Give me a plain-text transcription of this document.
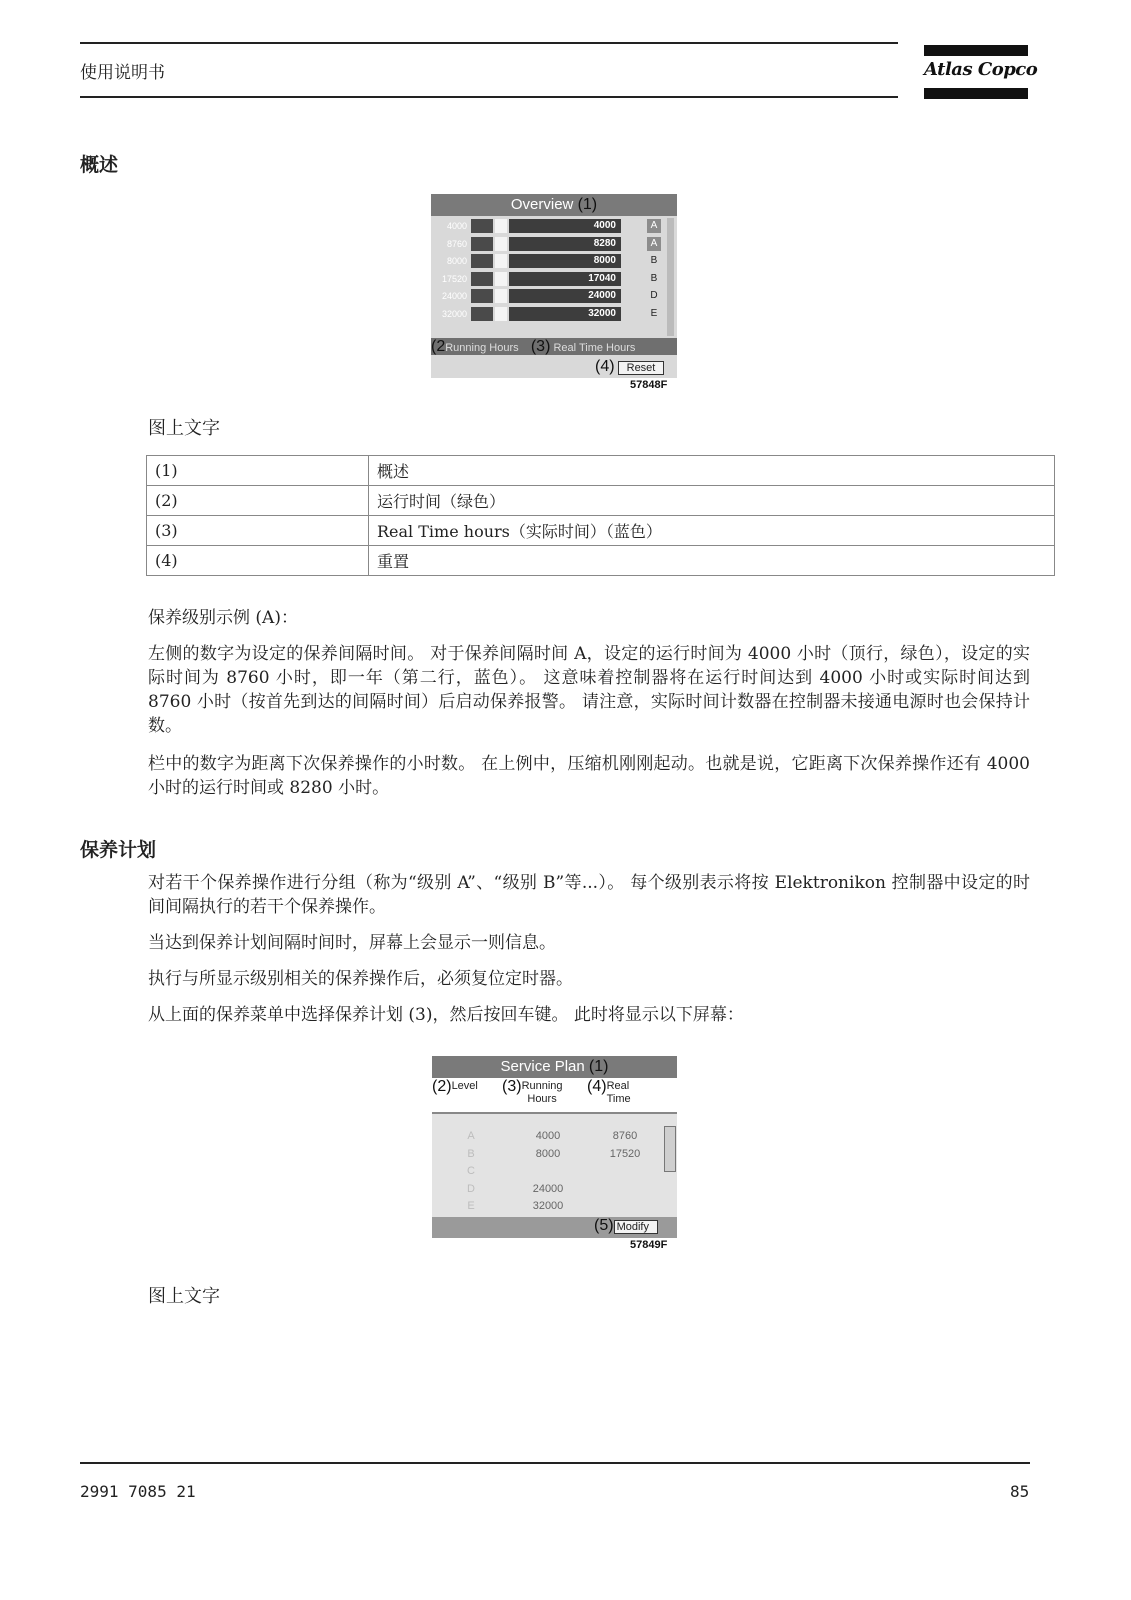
使用说明书	Atlas Copco
概述
Overview (1)
4000	4000	A
8760	8280	A
8000	8000	B
17520	17040	B
24000	24000	D
32000	32000	E
(2Running Hours (3) Real Time Hours
(4) Reset
57848F
图上文字
(1)	概述
(2)	运行时间（绿色）
(3)	Real Time hours（实际时间）（蓝色）
(4)	重置

保养级别示例 (A)：

左侧的数字为设定的保养间隔时间。 对于保养间隔时间 A，设定的运行时间为 4000 小时（顶行，绿色），设定的实际时间为 8760 小时，即一年（第二行，蓝色）。 这意味着控制器将在运行时间达到 4000 小时或实际时间达到 8760 小时（按首先到达的间隔时间）后启动保养报警。 请注意，实际时间计数器在控制器未接通电源时也会保持计数。

栏中的数字为距离下次保养操作的小时数。 在上例中，压缩机刚刚起动。也就是说，它距离下次保养操作还有 4000 小时的运行时间或 8280 小时。

保养计划

对若干个保养操作进行分组（称为“级别 A”、“级别 B”等...）。 每个级别表示将按 Elektronikon 控制器中设定的时间间隔执行的若干个保养操作。

当达到保养计划间隔时间时，屏幕上会显示一则信息。

执行与所显示级别相关的保养操作后，必须复位定时器。

从上面的保养菜单中选择保养计划 (3)，然后按回车键。 此时将显示以下屏幕：

Service Plan (1)
(2)Level (3) Running
Hours
(4) Real
Time
A	4000	8760
B	8000	17520
C
D	24000
E	32000
(5) Modify
57849F
图上文字
2991 7085 21	85
